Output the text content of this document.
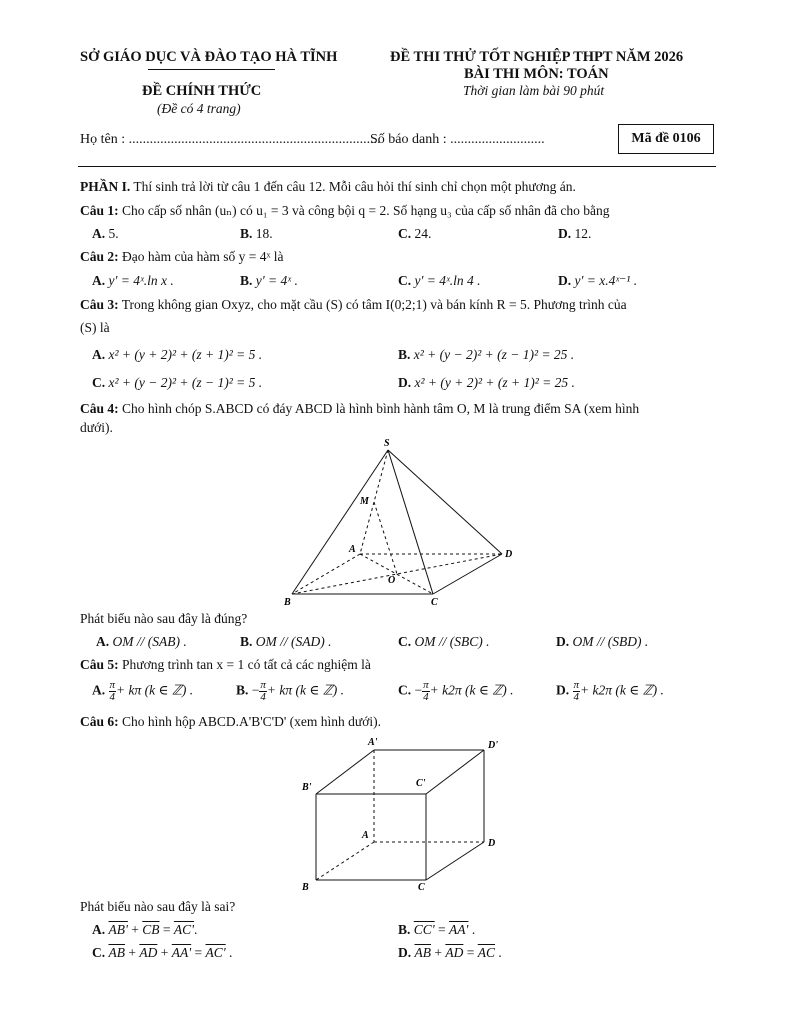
SỞ GIÁO DỤC VÀ ĐÀO TẠO HÀ TĨNH
ĐỀ CHÍNH THỨC
(Đề có 4 trang)
ĐỀ THI THỬ TỐT NGHIỆP THPT NĂM 2026
BÀI THI MÔN: TOÁN
Thời gian làm bài 90 phút
Họ tên : ........................................................................
Số báo danh : ...........................	Mã đề 0106
PHẦN I. Thí sinh trả lời từ câu 1 đến câu 12. Mỗi câu hỏi thí sinh chỉ chọn một phương án.
Câu 1: Cho cấp số nhân (uₙ) có u₁ = 3 và công bội q = 2. Số hạng u₃ của cấp số nhân đã cho bằng
A. 5.	B. 18.	C. 24.	D. 12.
Câu 2: Đạo hàm của hàm số y = 4ˣ là
A. y' = 4ˣ.ln x .	B. y' = 4ˣ .	C. y' = 4ˣ.ln 4 .	D. y' = x.4ˣ⁻¹ .
Câu 3: Trong không gian Oxyz, cho mặt cầu (S) có tâm I(0;2;1) và bán kính R = 5. Phương trình của
(S) là
A. x² + (y + 2)² + (z + 1)² = 5 .	B. x² + (y − 2)² + (z − 1)² = 25 .
C. x² + (y − 2)² + (z − 1)² = 5 .	D. x² + (y + 2)² + (z + 1)² = 25 .
Câu 4: Cho hình chóp S.ABCD có đáy ABCD là hình bình hành tâm O, M là trung điểm SA (xem hình
dưới).
S
M
A	D
O
B	C
Phát biểu nào sau đây là đúng?
A. OM // (SAB) .	B. OM // (SAD) .	C. OM // (SBC) .	D. OM // (SBD) .
Câu 5: Phương trình tan x = 1 có tất cả các nghiệm là
A. $\frac{\pi}{4} + k\pi$ (k ∈ ℤ) .	B. − $\frac{\pi}{4} + k\pi$ (k ∈ ℤ) .	C. − $\frac{\pi}{4} + k2\pi$ (k ∈ ℤ) .	D. $\frac{\pi}{4} + k2\pi$ (k ∈ ℤ) .
Câu 6: Cho hình hộp ABCD.A'B'C'D' (xem hình dưới).
A'	D'
B'	C'
A
D
B	C
Phát biểu nào sau đây là sai?
A. $AB' + \overline{CB} = AC'$.	B. CC' = AA' .
C. $\overline{AB} + \overline{AD} + AA' = AC'$ .	D. $\overline{AB} + \overline{AD} = \overline{AC}$ .
